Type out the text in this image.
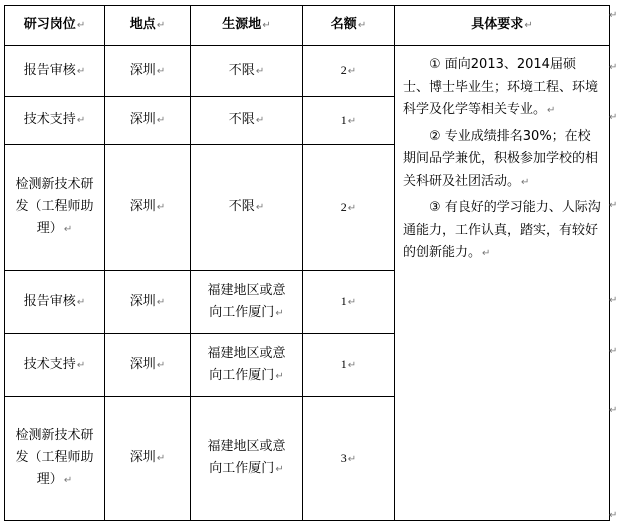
研习岗位↵	地点↵	生源地↵	名额↵	具体要求↵
报告审核↵	深圳↵	不限↵	2↵	① 面向2013、2014届硕士、博士毕业生；环境工程、环境科学及化学等相关专业。↵

② 专业成绩排名30%；在校期间品学兼优，积极参加学校的相关科研及社团活动。↵

③ 有良好的学习能力、人际沟通能力，工作认真，踏实，有较好的创新能力。↵

技术支持↵	深圳↵	不限↵	1↵	
检测新技术研发（工程师助理）↵	深圳↵	不限↵	2↵	
报告审核↵	深圳↵	福建地区或意向工作厦门↵	1↵	
技术支持↵	深圳↵	福建地区或意向工作厦门↵	1↵	
检测新技术研发（工程师助理）↵	深圳↵	福建地区或意向工作厦门↵	3↵	
↵
↵
↵
↵
↵
↵
↵
↵
